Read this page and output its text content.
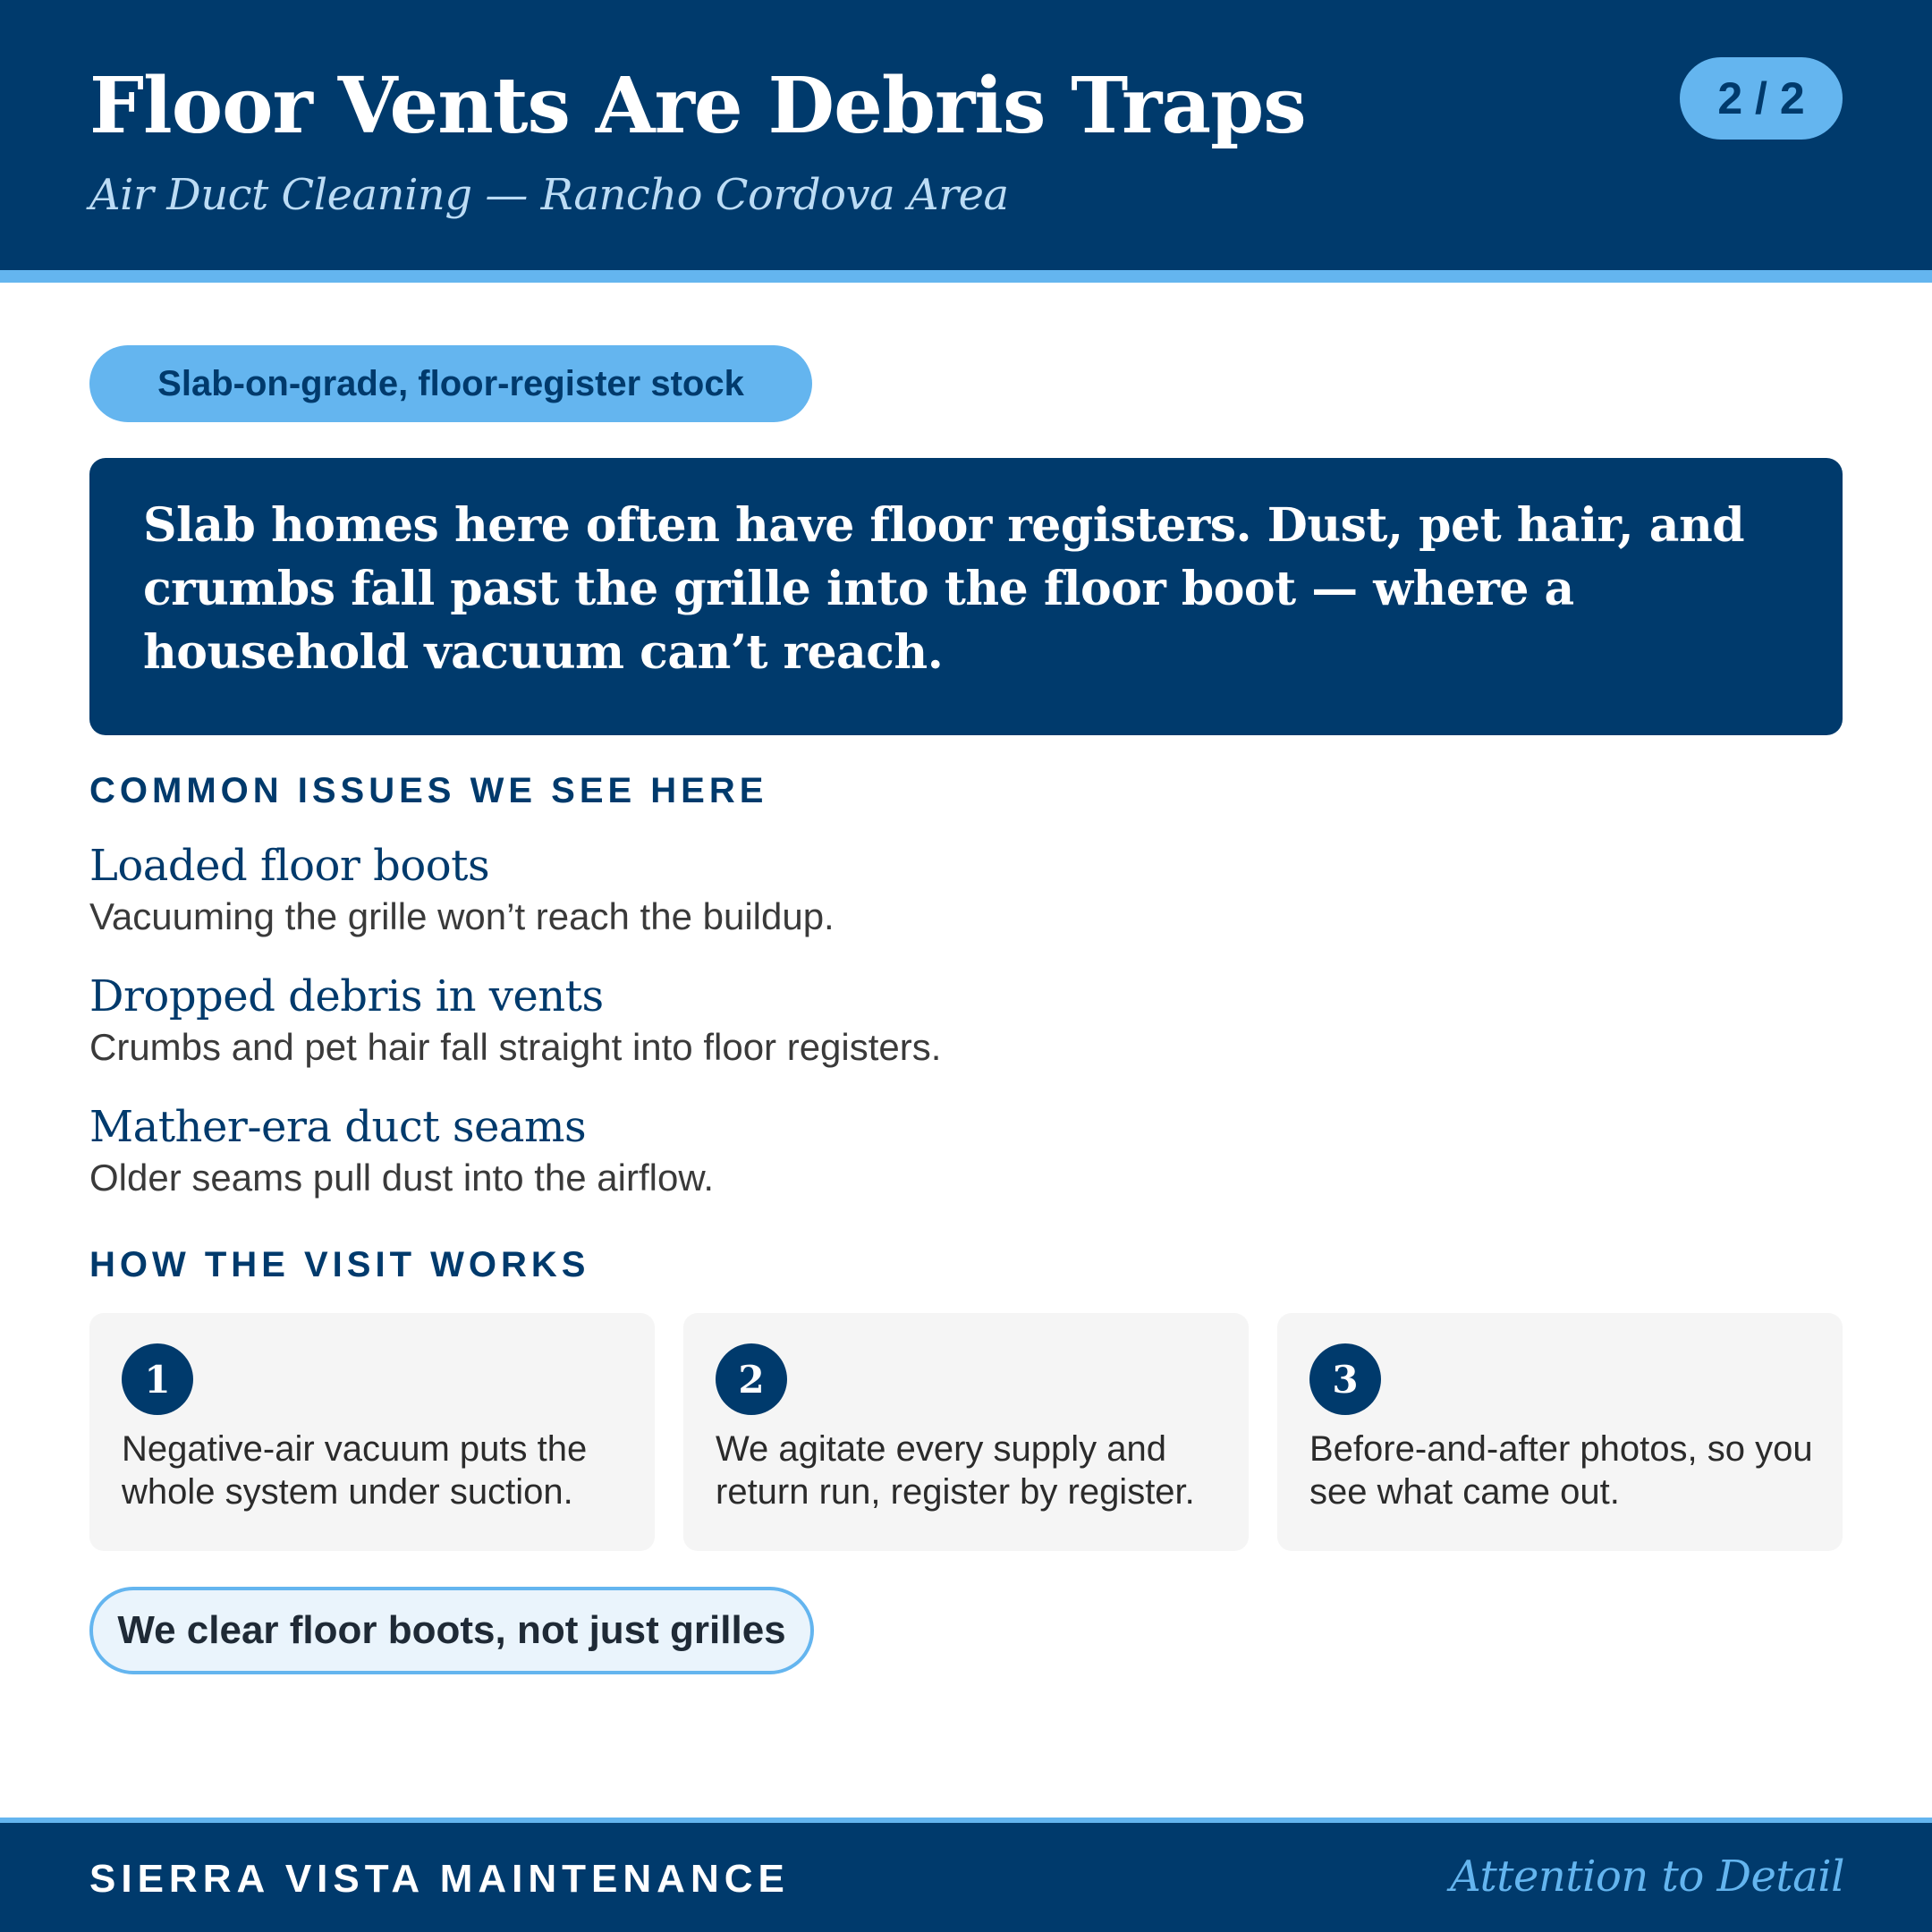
Floor Vents Are Debris Traps
Air Duct Cleaning — Rancho Cordova Area
2 / 2
Slab-on-grade, floor-register stock

Slab homes here often have floor registers. Dust, pet hair, and crumbs fall past the grille into the floor boot — where a household vacuum can’t reach.

COMMON ISSUES WE SEE HERE
Loaded floor boots
Vacuuming the grille won’t reach the buildup.
Dropped debris in vents
Crumbs and pet hair fall straight into floor registers.
Mather-era duct seams
Older seams pull dust into the airflow.
HOW THE VISIT WORKS
1

Negative-air vacuum puts the whole system under suction.

2

We agitate every supply and return run, register by register.

3

Before-and-after photos, so you see what came out.

We clear floor boots, not just grilles
SIERRA VISTA MAINTENANCE	Attention to Detail
